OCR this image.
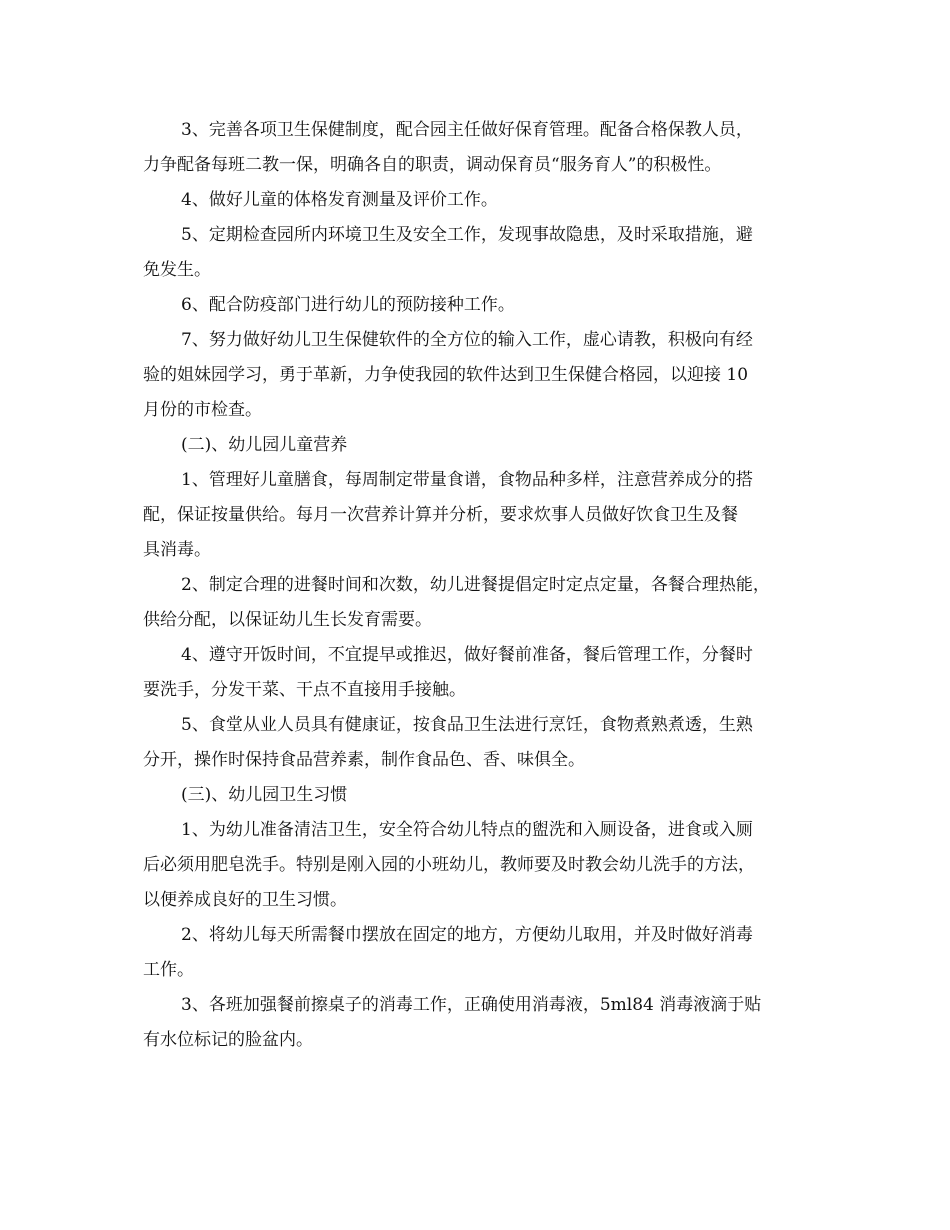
3、完善各项卫生保健制度，配合园主任做好保育管理。配备合格保教人员，
力争配备每班二教一保，明确各自的职责，调动保育员“服务育人”的积极性。

4、做好儿童的体格发育测量及评价工作。

5、定期检查园所内环境卫生及安全工作，发现事故隐患，及时采取措施，避
免发生。

6、配合防疫部门进行幼儿的预防接种工作。

7、努力做好幼儿卫生保健软件的全方位的输入工作，虚心请教，积极向有经
验的姐妹园学习，勇于革新，力争使我园的软件达到卫生保健合格园，以迎接 10
月份的市检查。

(二)、幼儿园儿童营养

1、管理好儿童膳食，每周制定带量食谱，食物品种多样，注意营养成分的搭
配，保证按量供给。每月一次营养计算并分析，要求炊事人员做好饮食卫生及餐
具消毒。

2、制定合理的进餐时间和次数，幼儿进餐提倡定时定点定量，各餐合理热能，
供给分配，以保证幼儿生长发育需要。

4、遵守开饭时间，不宜提早或推迟，做好餐前准备，餐后管理工作，分餐时
要洗手，分发干菜、干点不直接用手接触。

5、食堂从业人员具有健康证，按食品卫生法进行烹饪，食物煮熟煮透，生熟
分开，操作时保持食品营养素，制作食品色、香、味俱全。

(三)、幼儿园卫生习惯

1、为幼儿准备清洁卫生，安全符合幼儿特点的盥洗和入厕设备，进食或入厕
后必须用肥皂洗手。特别是刚入园的小班幼儿，教师要及时教会幼儿洗手的方法，
以便养成良好的卫生习惯。

2、将幼儿每天所需餐巾摆放在固定的地方，方便幼儿取用，并及时做好消毒
工作。

3、各班加强餐前擦桌子的消毒工作，正确使用消毒液，5ml84 消毒液滴于贴
有水位标记的脸盆内。
